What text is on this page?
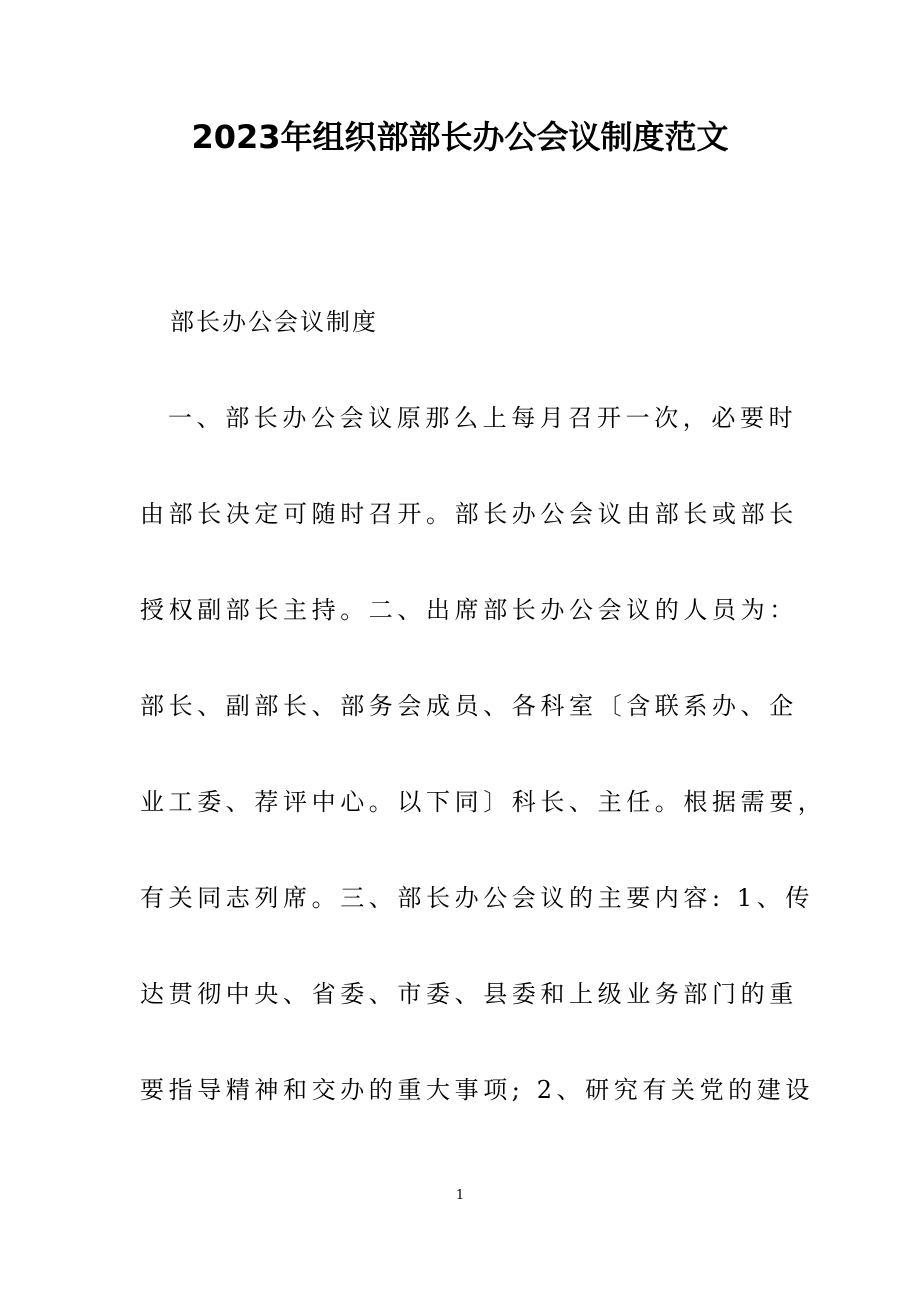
2023年组织部部长办公会议制度范文

部长办公会议制度

一、部长办公会议原那么上每月召开一次，必要时
由部长决定可随时召开。部长办公会议由部长或部长
授权副部长主持。二、出席部长办公会议的人员为：
部长、副部长、部务会成员、各科室〔含联系办、企
业工委、荐评中心。以下同〕科长、主任。根据需要，
有关同志列席。三、部长办公会议的主要内容: 1、传
达贯彻中央、省委、市委、县委和上级业务部门的重
要指导精神和交办的重大事项; 2、研究有关党的建设

1
